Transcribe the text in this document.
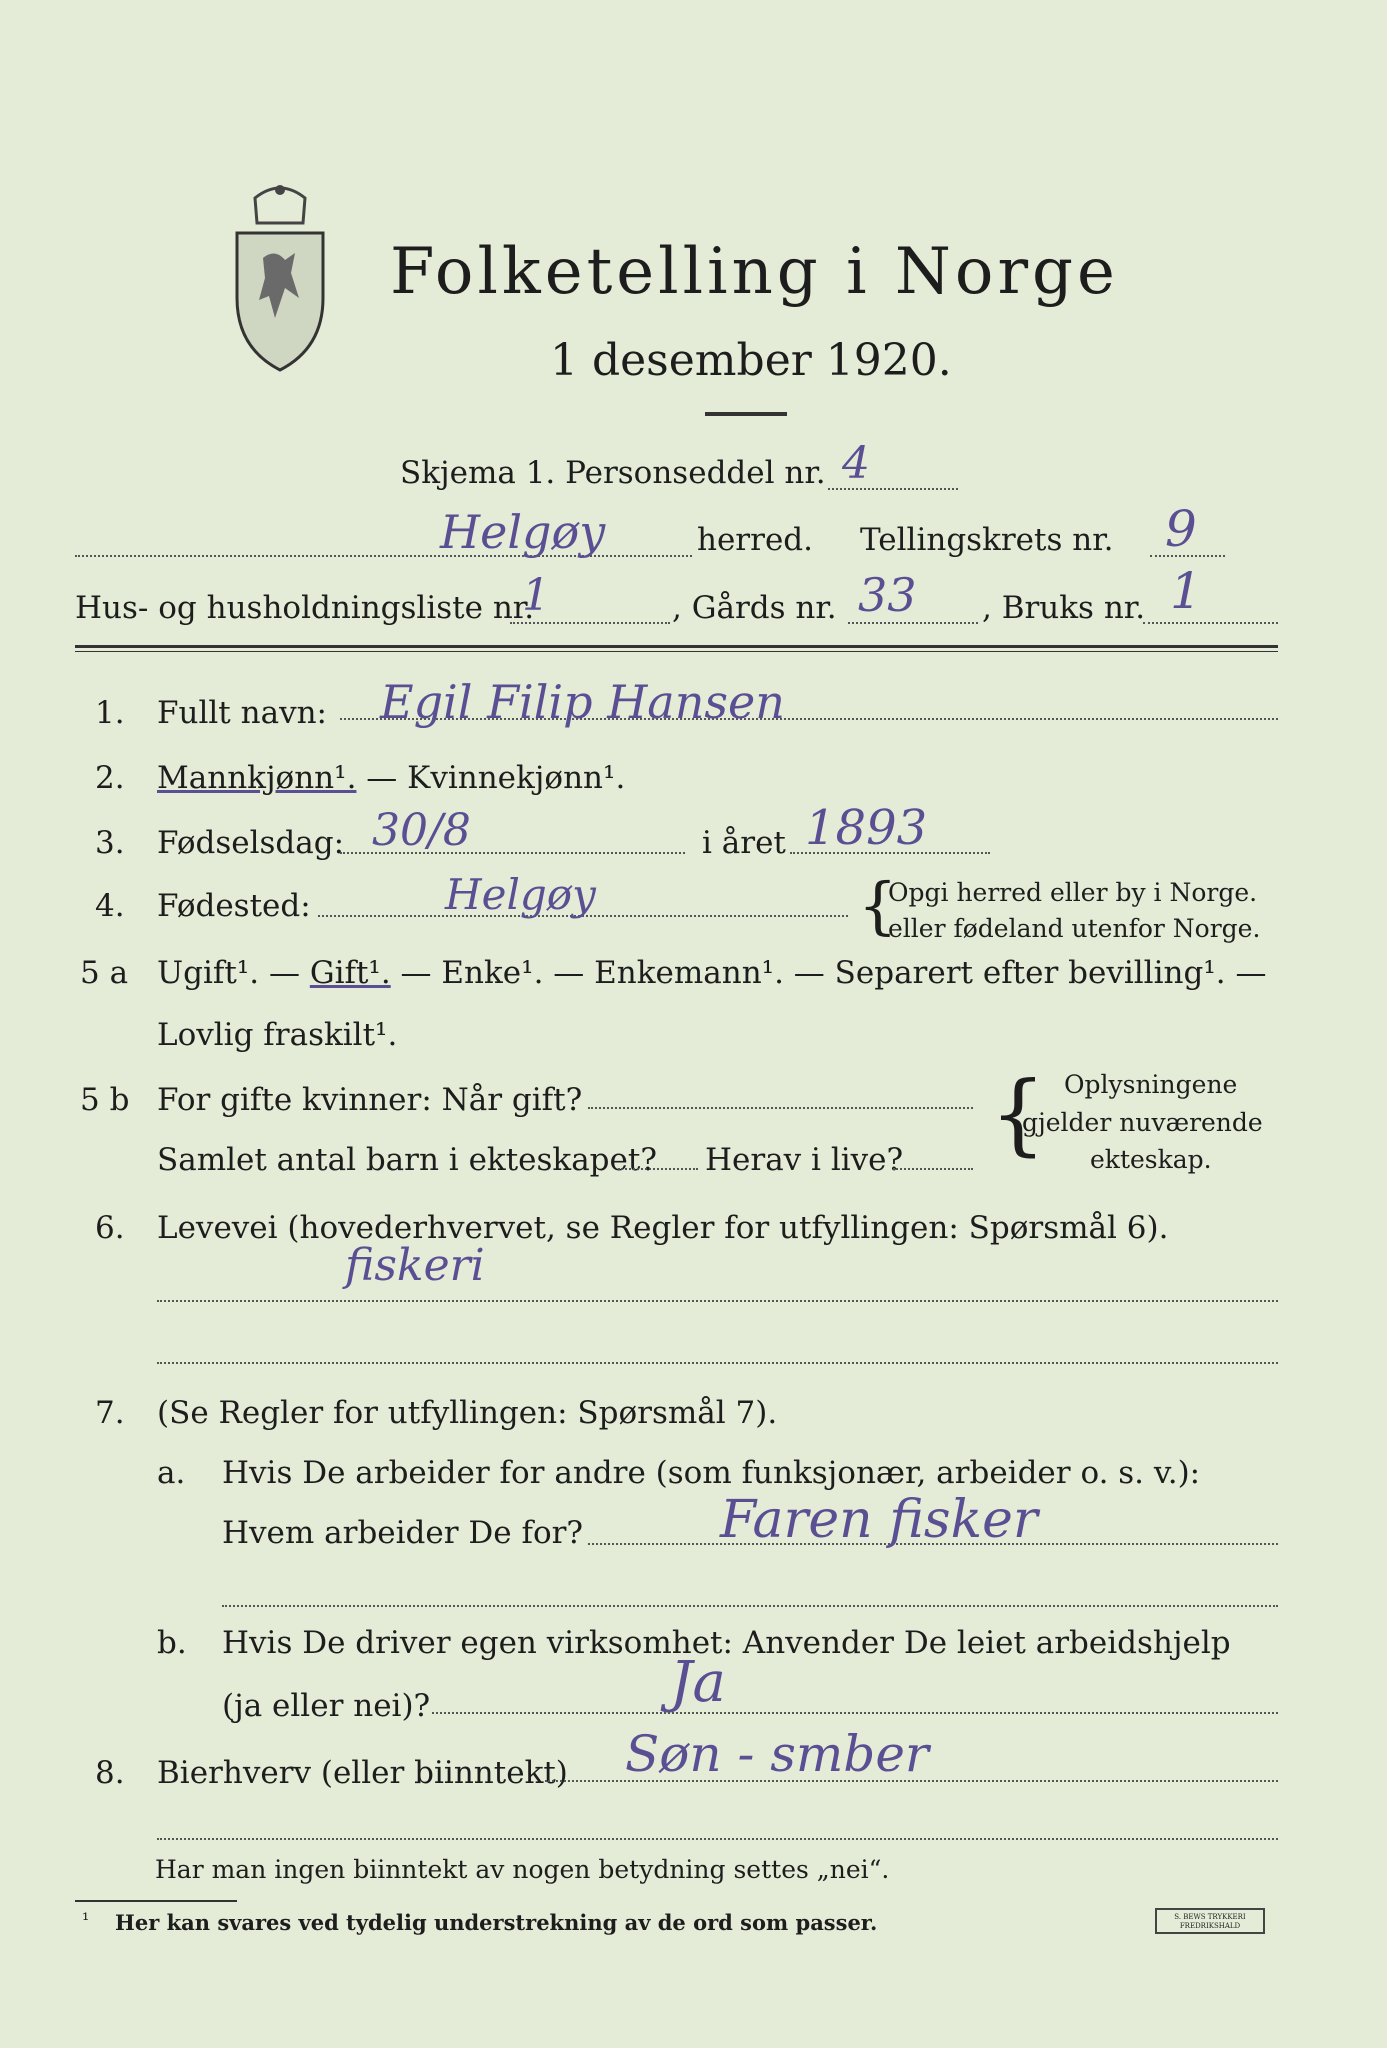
Folketelling i Norge
1 desember 1920.
Skjema 1. Personseddel nr. 4
Helgøy	herred. Tellingskrets nr. 9
Hus- og husholdningsliste nr.
1	, Gårds nr. 33 , Bruks nr. 1
1. Fullt navn: Egil Filip Hansen
2. Mannkjønn¹. — Kvinnekjønn¹.
3. Fødselsdag: 30/8	i året 1893
4. Fødested:	Helgøy	{
Opgi herred eller by i Norge.
eller fødeland utenfor Norge.
5 a Ugift¹. — Gift¹. — Enke¹. — Enkemann¹. — Separert efter bevilling¹. —
Lovlig fraskilt¹.
5 b For gifte kvinner: Når gift?
Samlet antal barn i ekteskapet? Herav i live? { Oplysningene
gjelder nuværende
ekteskap.
6. Levevei (hovederhvervet, se Regler for utfyllingen: Spørsmål 6).
fiskeri
7. (Se Regler for utfyllingen: Spørsmål 7).
a. Hvis De arbeider for andre (som funksjonær, arbeider o. s. v.):
Hvem arbeider De for?	Faren fisker
b. Hvis De driver egen virksomhet: Anvender De leiet arbeidshjelp
(ja eller nei)?	Ja
8. Bierhverv (eller biinntekt) Søn - smber
Har man ingen biinntekt av nogen betydning settes „nei“.
¹ Her kan svares ved tydelig understrekning av de ord som passer.	S. BEWS TRYKKERI FREDRIKSHALD
